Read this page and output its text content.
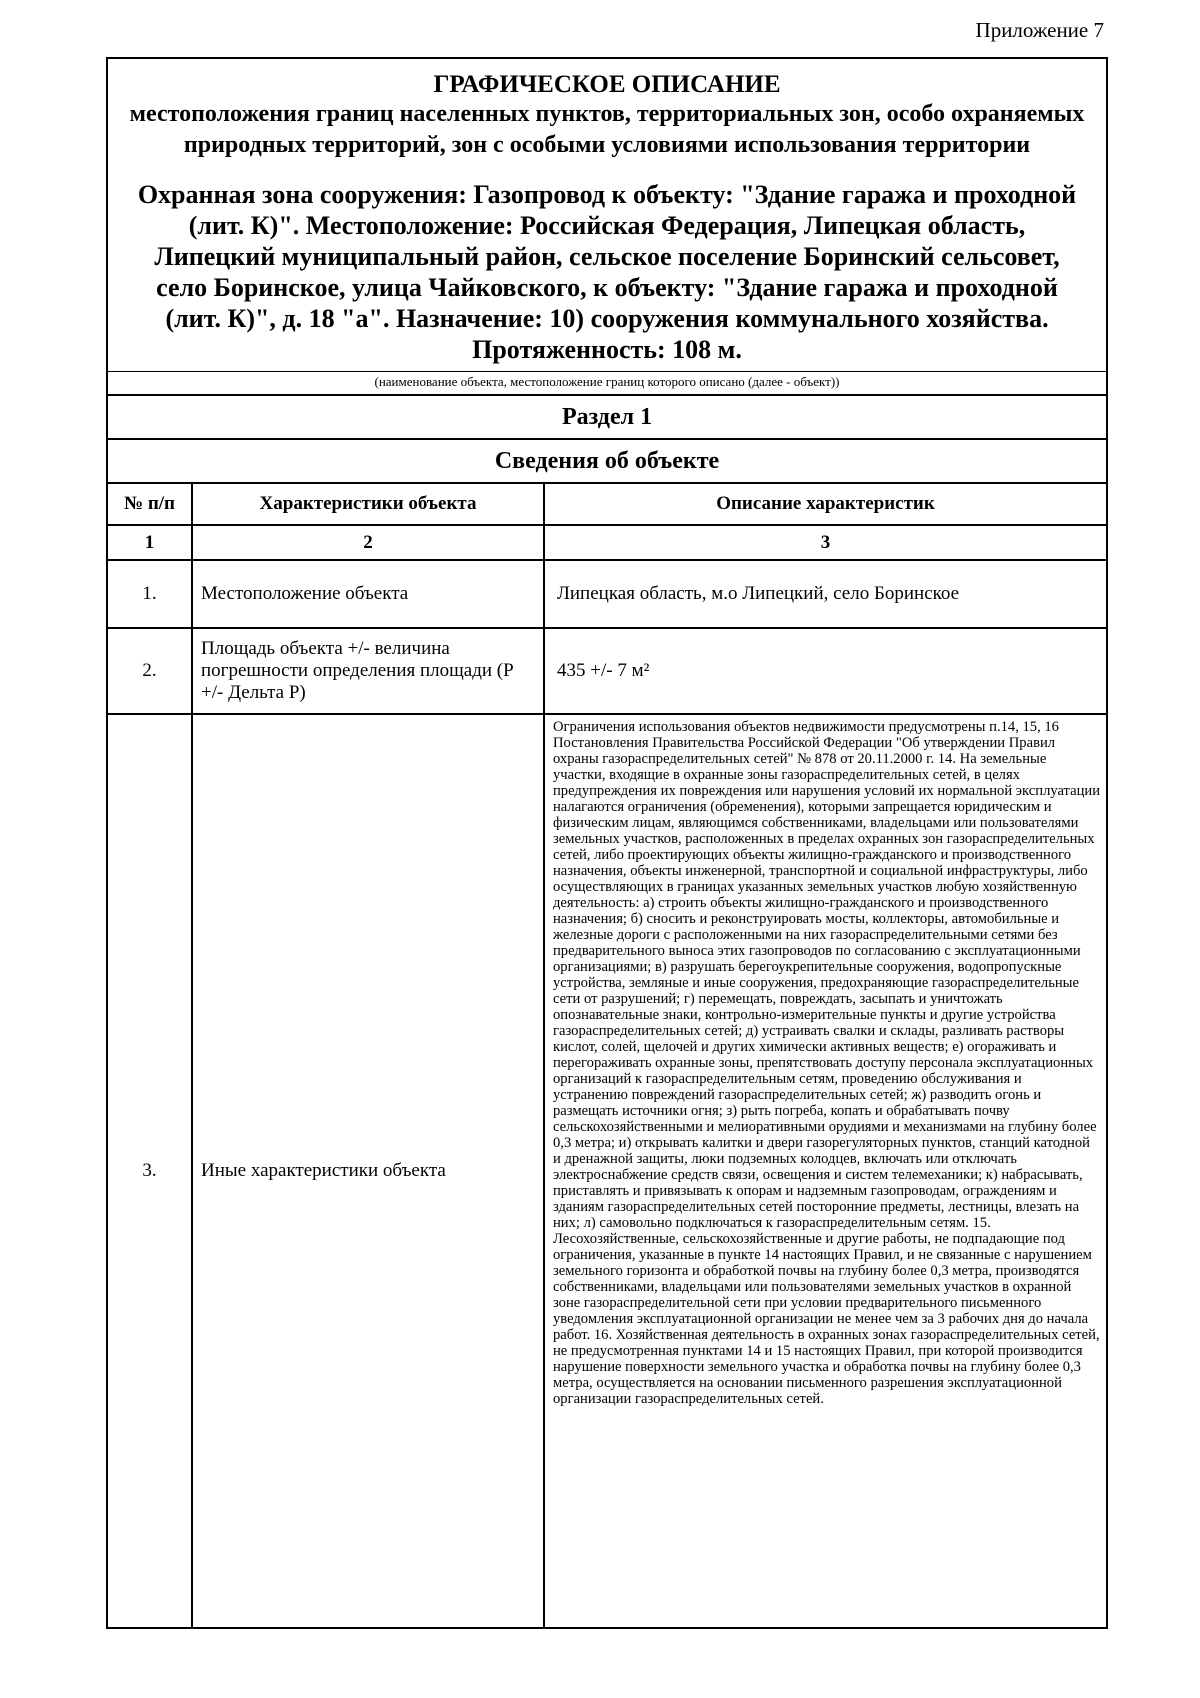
Приложение 7
ГРАФИЧЕСКОЕ ОПИСАНИЕ
местоположения границ населенных пунктов, территориальных зон, особо охраняемых природных территорий, зон с особыми условиями использования территории
Охранная зона сооружения: Газопровод к объекту: "Здание гаража и проходной (лит. К)". Местоположение: Российская Федерация, Липецкая область, Липецкий муниципальный район, сельское поселение Боринский сельсовет, село Боринское, улица Чайковского, к объекту: "Здание гаража и проходной (лит. К)", д. 18 "а". Назначение: 10) сооружения коммунального хозяйства. Протяженность: 108 м.
(наименование объекта, местоположение границ которого описано (далее - объект))		

Раздел 1		
Сведения об объекте		
№ п/п	Характеристики объекта	Описание характеристик
1	2	3
1.	Местоположение объекта	Липецкая область, м.о Липецкий, село Боринское
2.	Площадь объекта +/- величина погрешности определения площади (Р +/- Дельта Р)	435 +/- 7 м²
3.	Иные характеристики объекта	Ограничения использования объектов недвижимости предусмотрены п.14, 15, 16 Постановления Правительства Российской Федерации "Об утверждении Правил охраны газораспределительных сетей" № 878 от 20.11.2000 г. 14. На земельные участки, входящие в охранные зоны газораспределительных сетей, в целях предупреждения их повреждения или нарушения условий их нормальной эксплуатации налагаются ограничения (обременения), которыми запрещается юридическим и физическим лицам, являющимся собственниками, владельцами или пользователями земельных участков, расположенных в пределах охранных зон газораспределительных сетей, либо проектирующих объекты жилищно-гражданского и производственного назначения, объекты инженерной, транспортной и социальной инфраструктуры, либо осуществляющих в границах указанных земельных участков любую хозяйственную деятельность: а) строить объекты жилищно-гражданского и производственного назначения; б) сносить и реконструировать мосты, коллекторы, автомобильные и железные дороги с расположенными на них газораспределительными сетями без предварительного выноса этих газопроводов по согласованию с эксплуатационными организациями; в) разрушать берегоукрепительные сооружения, водопропускные устройства, земляные и иные сооружения, предохраняющие газораспределительные сети от разрушений; г) перемещать, повреждать, засыпать и уничтожать опознавательные знаки, контрольно-измерительные пункты и другие устройства газораспределительных сетей; д) устраивать свалки и склады, разливать растворы кислот, солей, щелочей и других химически активных веществ; е) огораживать и перегораживать охранные зоны, препятствовать доступу персонала эксплуатационных организаций к газораспределительным сетям, проведению обслуживания и устранению повреждений газораспределительных сетей; ж) разводить огонь и размещать источники огня; з) рыть погреба, копать и обрабатывать почву сельскохозяйственными и мелиоративными орудиями и механизмами на глубину более 0,3 метра; и) открывать калитки и двери газорегуляторных пунктов, станций катодной и дренажной защиты, люки подземных колодцев, включать или отключать электроснабжение средств связи, освещения и систем телемеханики; к) набрасывать, приставлять и привязывать к опорам и надземным газопроводам, ограждениям и зданиям газораспределительных сетей посторонние предметы, лестницы, влезать на них; л) самовольно подключаться к газораспределительным сетям. 15. Лесохозяйственные, сельскохозяйственные и другие работы, не подпадающие под ограничения, указанные в пункте 14 настоящих Правил, и не связанные с нарушением земельного горизонта и обработкой почвы на глубину более 0,3 метра, производятся собственниками, владельцами или пользователями земельных участков в охранной зоне газораспределительной сети при условии предварительного письменного уведомления эксплуатационной организации не менее чем за 3 рабочих дня до начала работ. 16. Хозяйственная деятельность в охранных зонах газораспределительных сетей, не предусмотренная пунктами 14 и 15 настоящих Правил, при которой производится нарушение поверхности земельного участка и обработка почвы на глубину более 0,3 метра, осуществляется на основании письменного разрешения эксплуатационной организации газораспределительных сетей.
